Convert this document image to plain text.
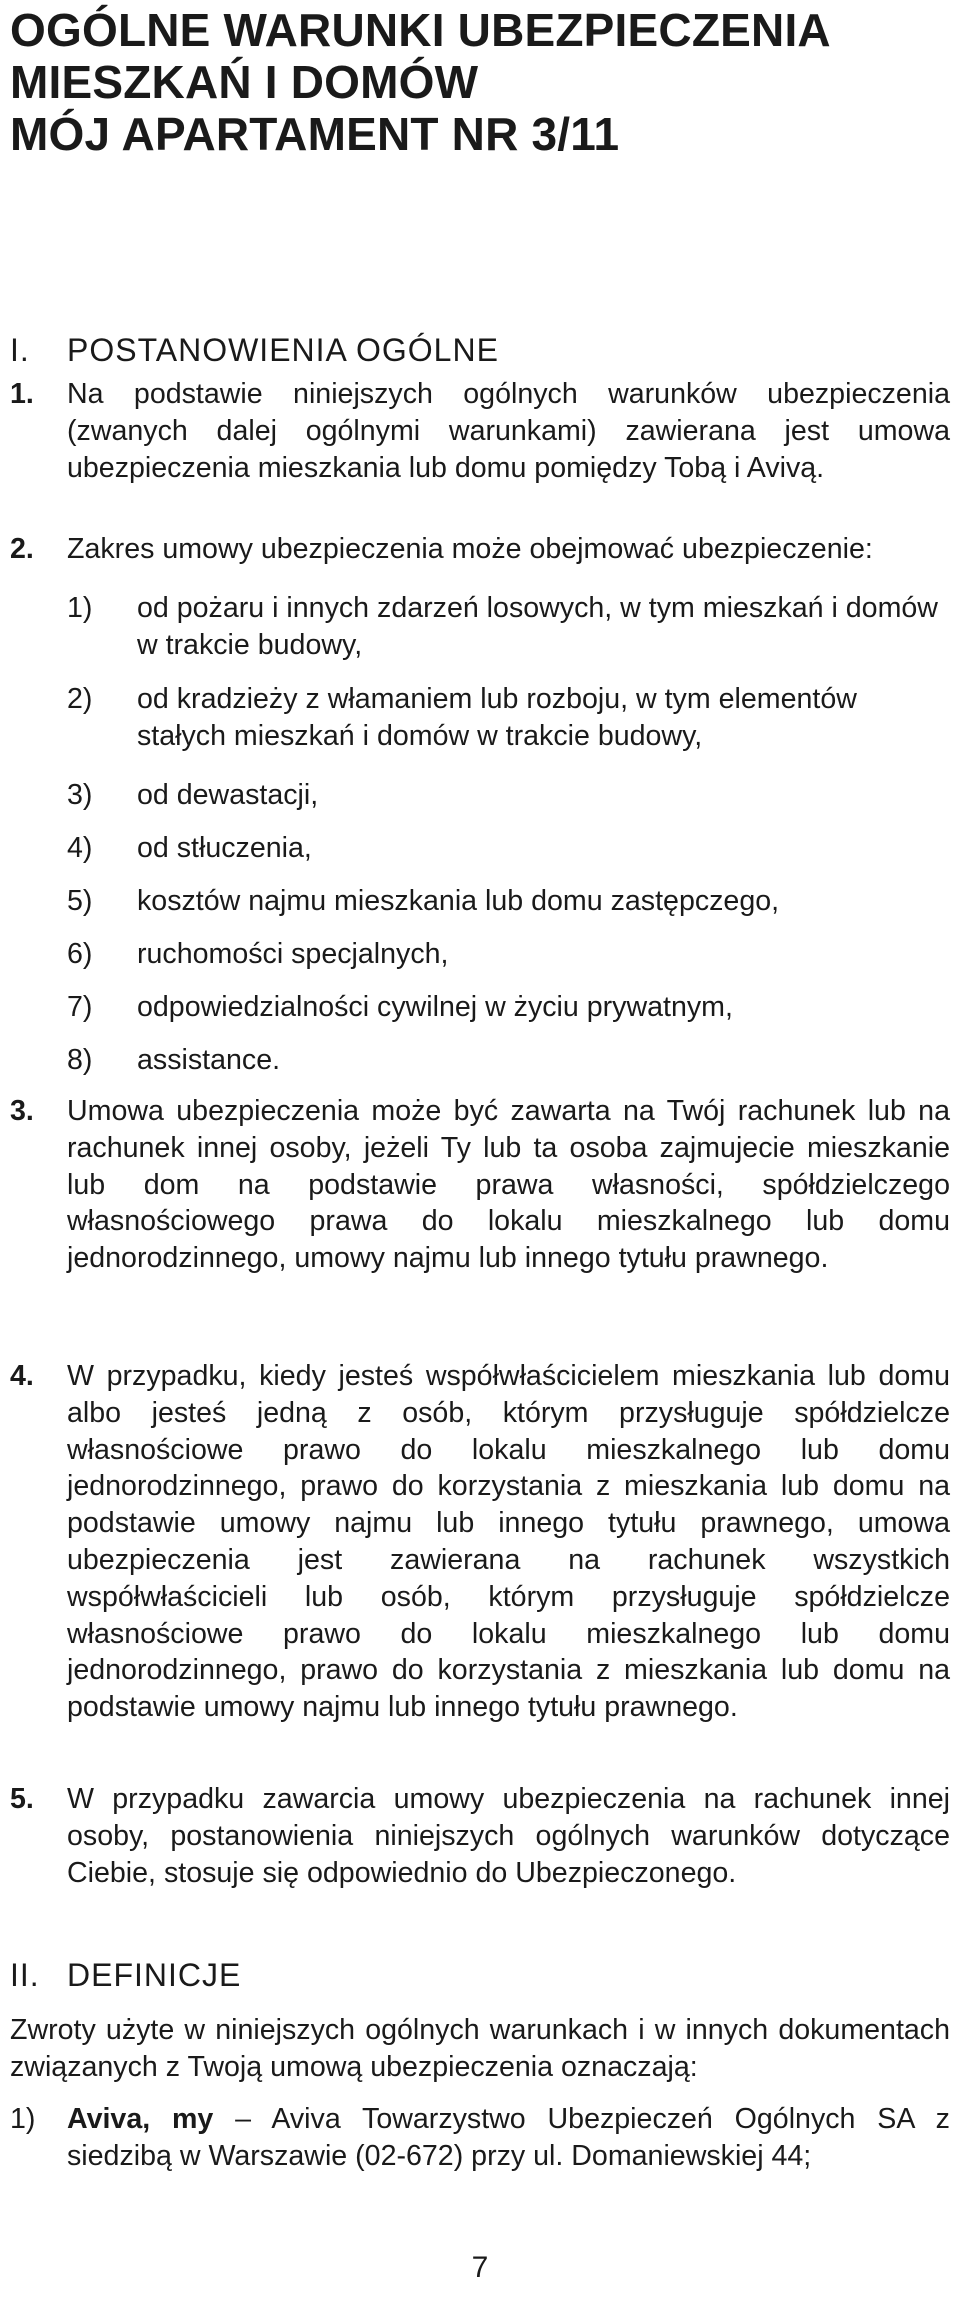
OGÓLNE WARUNKI UBEZPIECZENIA
MIESZKAŃ I DOMÓW
MÓJ APARTAMENT NR 3/11
I. POSTANOWIENIA OGÓLNE
1. Na podstawie niniejszych ogólnych warunków ubezpieczenia (zwanych dalej ogólnymi warunkami) zawierana jest umowa ubezpieczenia mieszkania lub domu pomiędzy Tobą i Avivą.
2. Zakres umowy ubezpieczenia może obejmować ubezpieczenie:
1) od pożaru i innych zdarzeń losowych, w tym mieszkań i domów w trakcie budowy,
2) od kradzieży z włamaniem lub rozboju, w tym elementów stałych mieszkań i domów w trakcie budowy,
3) od dewastacji,
4) od stłuczenia,
5) kosztów najmu mieszkania lub domu zastępczego,
6) ruchomości specjalnych,
7) odpowiedzialności cywilnej w życiu prywatnym,
8) assistance.
3. Umowa ubezpieczenia może być zawarta na Twój rachunek lub na rachunek innej osoby, jeżeli Ty lub ta osoba zajmujecie mieszkanie lub dom na podstawie prawa własności, spółdzielczego własnościowego prawa do lokalu mieszkalnego lub domu jednorodzinnego, umowy najmu lub innego tytułu prawnego.
4. W przypadku, kiedy jesteś współwłaścicielem mieszkania lub domu albo jesteś jedną z osób, którym przysługuje spółdzielcze własnościowe prawo do lokalu mieszkalnego lub domu jednorodzinnego, prawo do korzystania z mieszkania lub domu na podstawie umowy najmu lub innego tytułu prawnego, umowa ubezpieczenia jest zawierana na rachunek wszystkich współwłaścicieli lub osób, którym przysługuje spółdzielcze własnościowe prawo do lokalu mieszkalnego lub domu jednorodzinnego, prawo do korzystania z mieszkania lub domu na podstawie umowy najmu lub innego tytułu prawnego.
5. W przypadku zawarcia umowy ubezpieczenia na rachunek innej osoby, postanowienia niniejszych ogólnych warunków dotyczące Ciebie, stosuje się odpowiednio do Ubezpieczonego.
II. DEFINICJE
Zwroty użyte w niniejszych ogólnych warunkach i w innych dokumentach związanych z Twoją umową ubezpieczenia oznaczają:
1) Aviva, my – Aviva Towarzystwo Ubezpieczeń Ogólnych SA z siedzibą w Warszawie (02-672) przy ul. Domaniewskiej 44;
7
